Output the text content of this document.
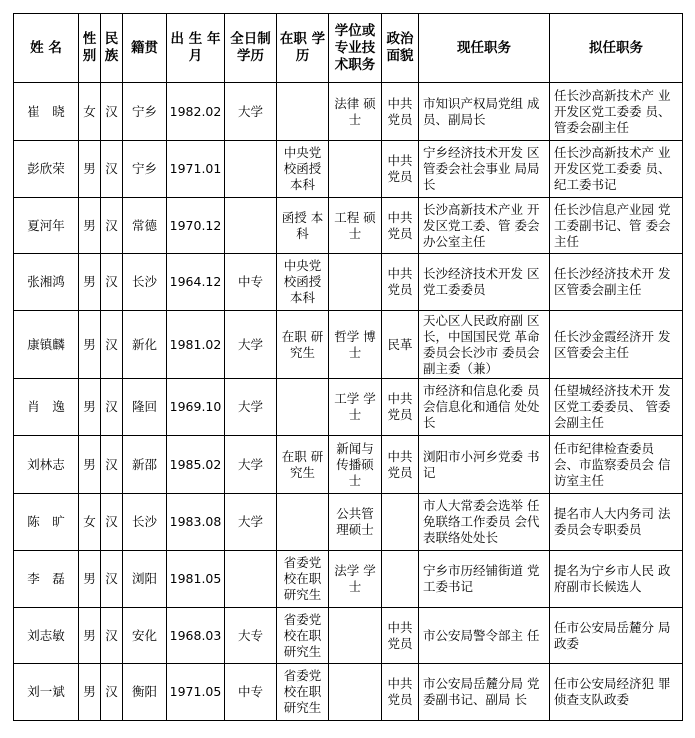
姓 名	性别	民族	籍贯	出 生 年 月	全日制 学历	在职 学历	学位或 专业技 术职务	政治 面貌	现任职务	拟任职务
崔　晓	女	汉	宁乡	1982.02	大学		法律 硕士	中共 党员	市知识产权局党组 成员、副局长	任长沙高新技术产 业开发区党工委委 员、管委会副主任
彭欣荣	男	汉	宁乡	1971.01		中央党 校函授 本科		中共 党员	宁乡经济技术开发 区管委会社会事业 局局长	任长沙高新技术产 业开发区党工委委 员、纪工委书记
夏河年	男	汉	常德	1970.12		函授 本科	工程 硕士	中共 党员	长沙高新技术产业 开发区党工委、管 委会办公室主任	任长沙信息产业园 党工委副书记、管 委会主任
张湘鸿	男	汉	长沙	1964.12	中专	中央党 校函授 本科		中共 党员	长沙经济技术开发 区党工委委员	任长沙经济技术开 发区管委会副主任
康镇麟	男	汉	新化	1981.02	大学	在职 研究生	哲学 博士	民革	天心区人民政府副 区长，中国国民党 革命委员会长沙市 委员会副主委（兼）	任长沙金霞经济开 发区管委会主任
肖　逸	男	汉	隆回	1969.10	大学		工学 学士	中共 党员	市经济和信息化委 员会信息化和通信 处处长	任望城经济技术开 发区党工委委员、 管委会副主任
刘林志	男	汉	新邵	1985.02	大学	在职 研究生	新闻与 传播硕 士	中共 党员	浏阳市小河乡党委 书记	任市纪律检查委员 会、市监察委员会 信访室主任
陈　旷	女	汉	长沙	1983.08	大学		公共管 理硕士		市人大常委会选举 任免联络工作委员 会代表联络处处长	提名市人大内务司 法委员会专职委员
李　磊	男	汉	浏阳	1981.05		省委党 校在职 研究生	法学 学士		宁乡市历经铺街道 党工委书记	提名为宁乡市人民 政府副市长候选人
刘志敏	男	汉	安化	1968.03	大专	省委党 校在职 研究生		中共 党员	市公安局警令部主 任	任市公安局岳麓分 局政委
刘一斌	男	汉	衡阳	1971.05	中专	省委党 校在职 研究生		中共 党员	市公安局岳麓分局 党委副书记、副局 长	任市公安局经济犯 罪侦查支队政委
